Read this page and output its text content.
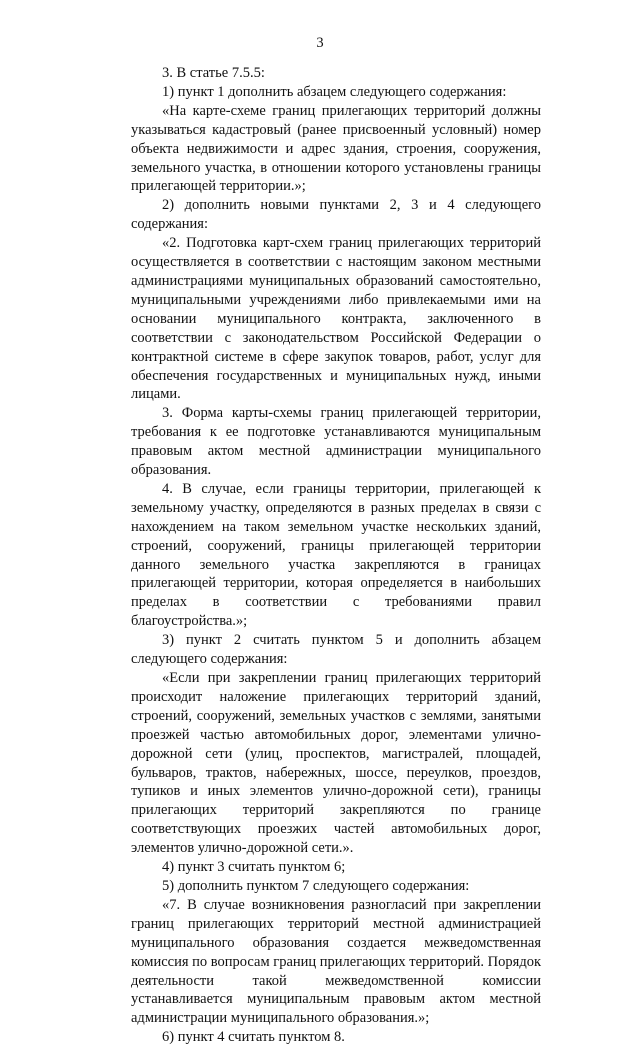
3

3. В статье 7.5.5:

1) пункт 1 дополнить абзацем следующего содержания:

«На карте-схеме границ прилегающих территорий должны указываться кадастровый (ранее присвоенный условный) номер объекта недвижимости и адрес здания, строения, сооружения, земельного участка, в отношении которого установлены границы прилегающей территории.»;

2) дополнить новыми пунктами 2, 3 и 4 следующего содержания:

«2. Подготовка карт-схем границ прилегающих территорий осуществляется в соответствии с настоящим законом местными администрациями муниципальных образований самостоятельно, муниципальными учреждениями либо привлекаемыми ими на основании муниципального контракта, заключенного в соответствии с законодательством Российской Федерации о контрактной системе в сфере закупок товаров, работ, услуг для обеспечения государственных и муниципальных нужд, иными лицами.

3. Форма карты-схемы границ прилегающей территории, требования к ее подготовке устанавливаются муниципальным правовым актом местной администрации муниципального образования.

4. В случае, если границы территории, прилегающей к земельному участку, определяются в разных пределах в связи с нахождением на таком земельном участке нескольких зданий, строений, сооружений, границы прилегающей территории данного земельного участка закрепляются в границах прилегающей территории, которая определяется в наибольших пределах в соответствии с требованиями правил благоустройства.»;

3) пункт 2 считать пунктом 5 и дополнить абзацем следующего содержания:

«Если при закреплении границ прилегающих территорий происходит наложение прилегающих территорий зданий, строений, сооружений, земельных участков с землями, занятыми проезжей частью автомобильных дорог, элементами улично-дорожной сети (улиц, проспектов, магистралей, площадей, бульваров, трактов, набережных, шоссе, переулков, проездов, тупиков и иных элементов улично-дорожной сети), границы прилегающих территорий закрепляются по границе соответствующих проезжих частей автомобильных дорог, элементов улично-дорожной сети.».

4) пункт 3 считать пунктом 6;

5) дополнить пунктом 7 следующего содержания:

«7. В случае возникновения разногласий при закреплении границ прилегающих территорий местной администрацией муниципального образования создается межведомственная комиссия по вопросам границ прилегающих территорий. Порядок деятельности такой межведомственной комиссии устанавливается муниципальным правовым актом местной администрации муниципального образования.»;

6) пункт 4 считать пунктом 8.
